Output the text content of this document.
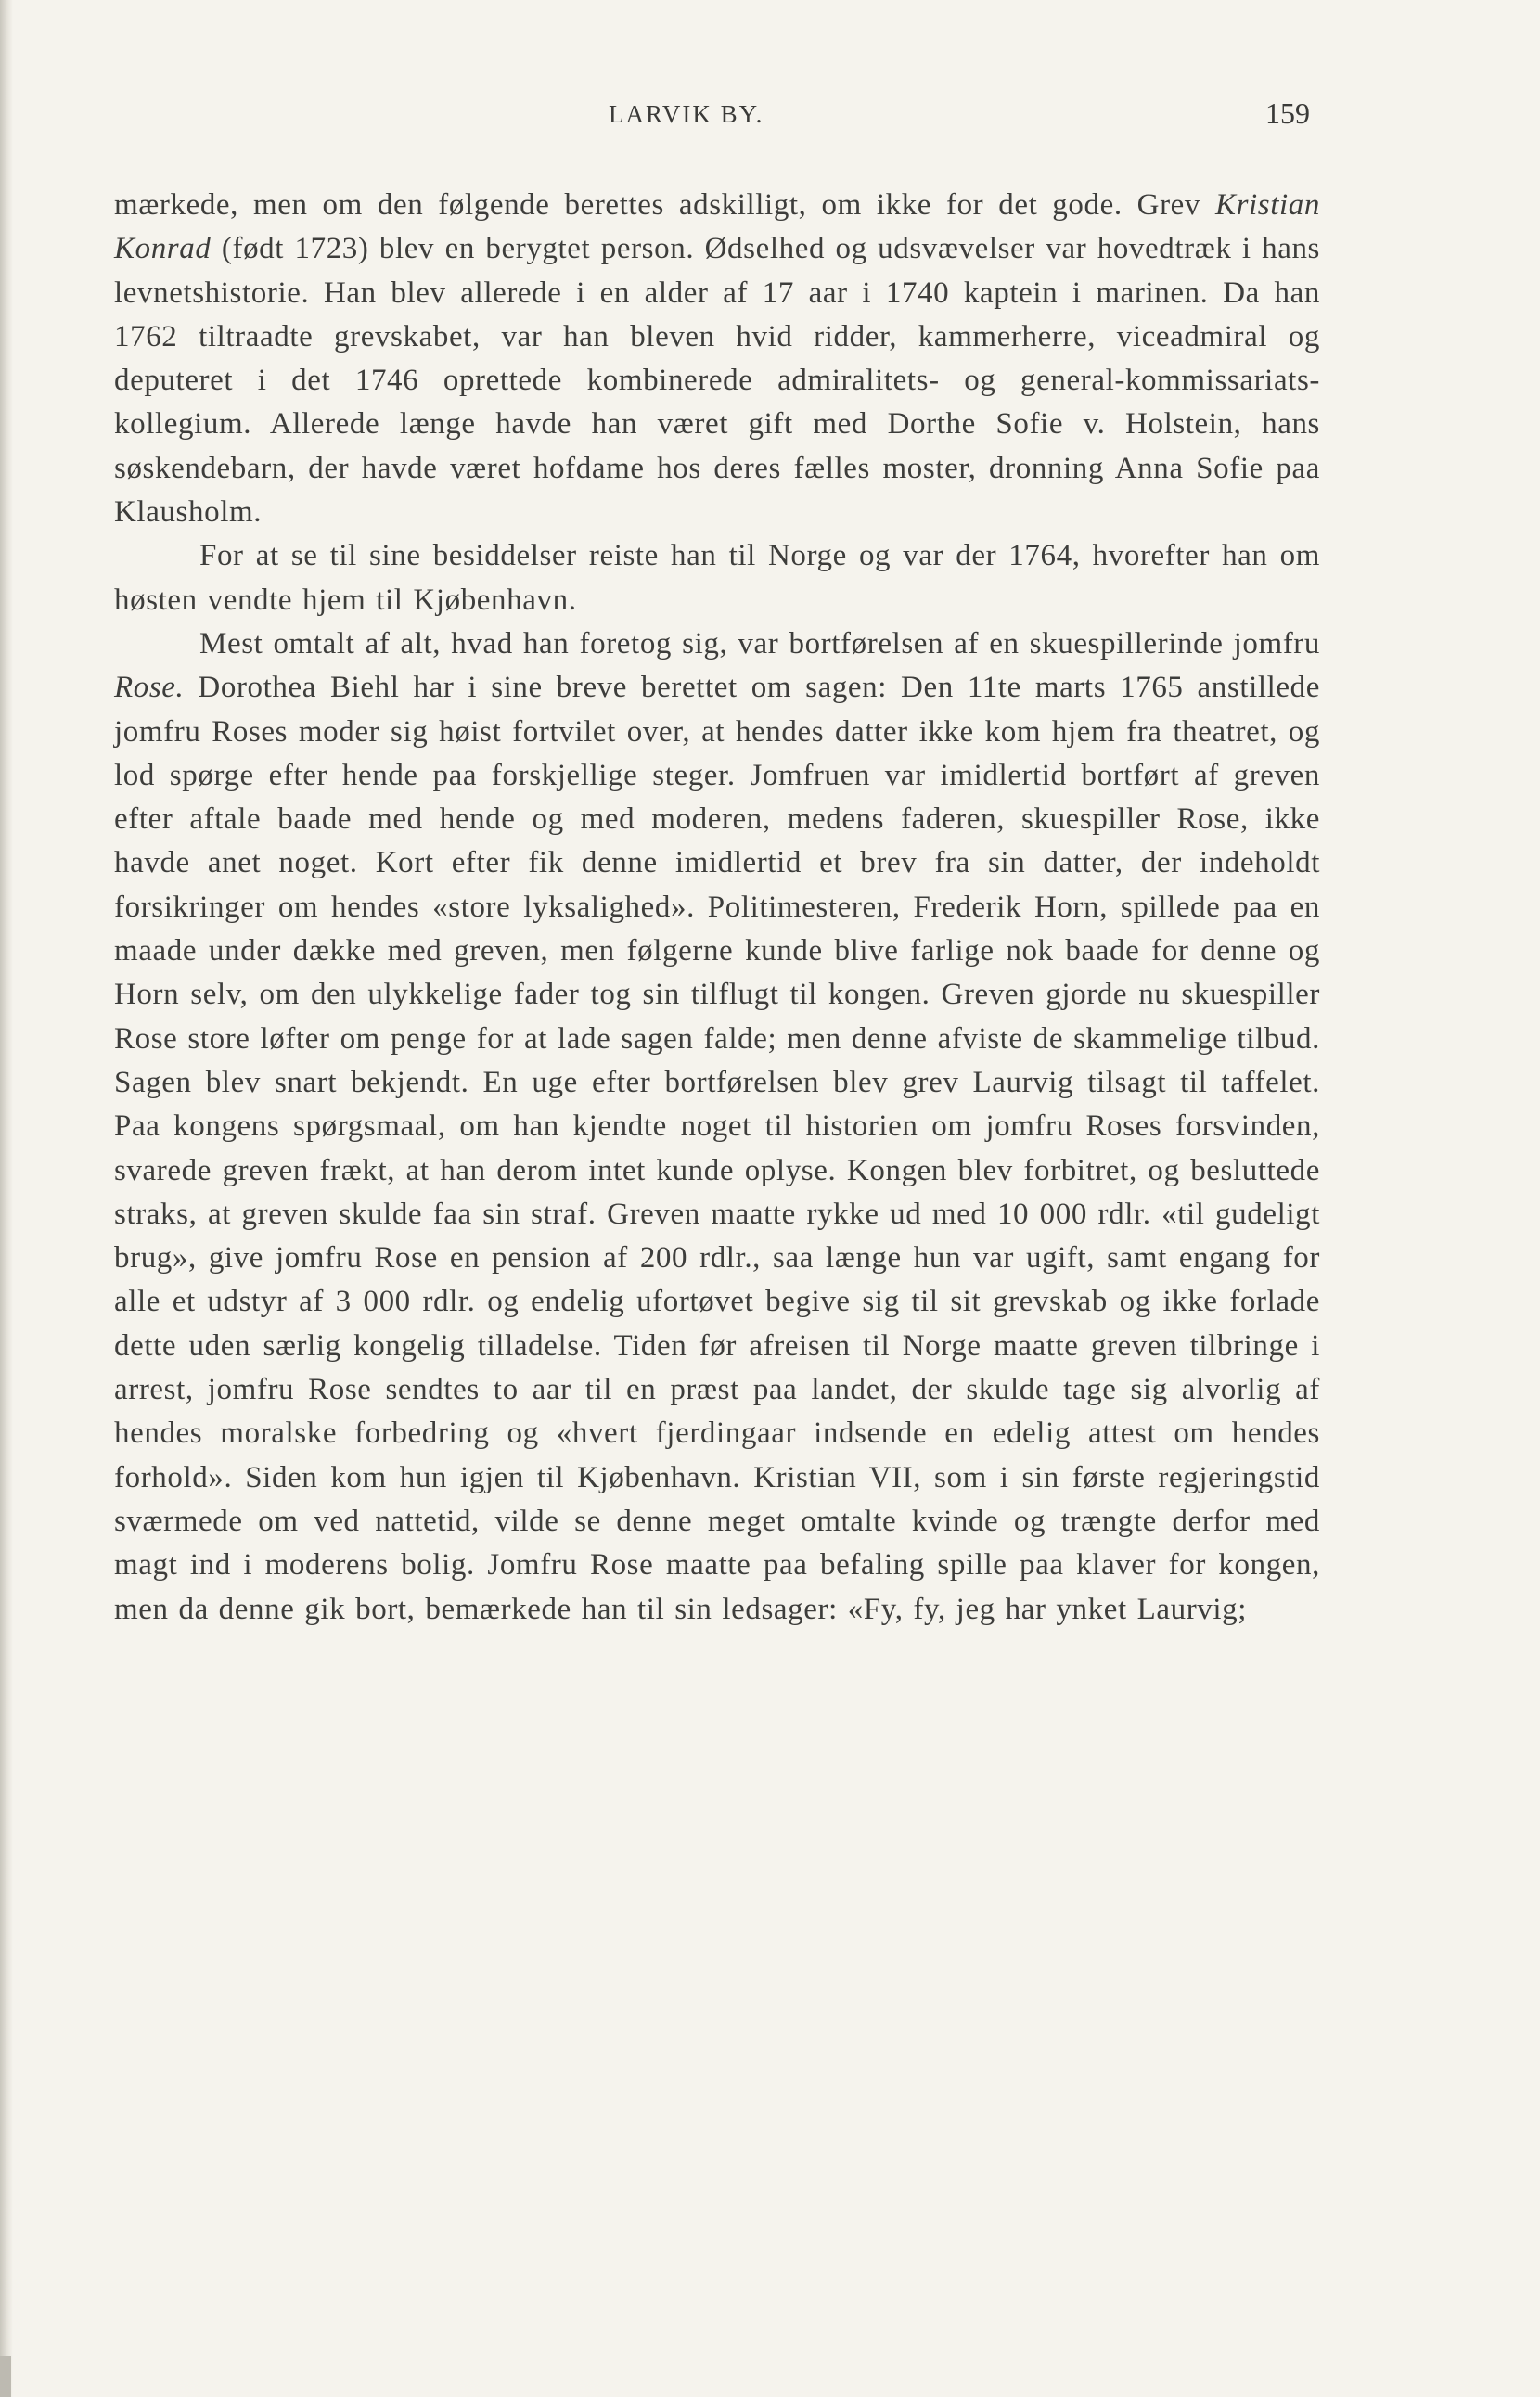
LARVIK BY.	159

mærkede, men om den følgende berettes adskilligt, om ikke for det gode. Grev Kristian Konrad (født 1723) blev en berygtet person. Ødselhed og udsvævelser var hovedtræk i hans levnetshistorie. Han blev allerede i en alder af 17 aar i 1740 kaptein i marinen. Da han 1762 tiltraadte grevskabet, var han bleven hvid ridder, kammerherre, viceadmiral og deputeret i det 1746 oprettede kombinerede admiralitets- og general-kommissariats-kollegium. Allerede længe havde han været gift med Dorthe Sofie v. Holstein, hans søskendebarn, der havde været hofdame hos deres fælles moster, dronning Anna Sofie paa Klausholm.

For at se til sine besiddelser reiste han til Norge og var der 1764, hvorefter han om høsten vendte hjem til Kjøbenhavn.

Mest omtalt af alt, hvad han foretog sig, var bortførelsen af en skuespillerinde jomfru Rose. Dorothea Biehl har i sine breve berettet om sagen: Den 11te marts 1765 anstillede jomfru Roses moder sig høist fortvilet over, at hendes datter ikke kom hjem fra theatret, og lod spørge efter hende paa forskjellige steger. Jomfruen var imidlertid bortført af greven efter aftale baade med hende og med moderen, medens faderen, skuespiller Rose, ikke havde anet noget. Kort efter fik denne imidlertid et brev fra sin datter, der indeholdt forsikringer om hendes «store lyksalighed». Politimesteren, Frederik Horn, spillede paa en maade under dække med greven, men følgerne kunde blive farlige nok baade for denne og Horn selv, om den ulykkelige fader tog sin tilflugt til kongen. Greven gjorde nu skuespiller Rose store løfter om penge for at lade sagen falde; men denne afviste de skammelige tilbud. Sagen blev snart bekjendt. En uge efter bortførelsen blev grev Laurvig tilsagt til taffelet. Paa kongens spørgsmaal, om han kjendte noget til historien om jomfru Roses forsvinden, svarede greven frækt, at han derom intet kunde oplyse. Kongen blev forbitret, og besluttede straks, at greven skulde faa sin straf. Greven maatte rykke ud med 10 000 rdlr. «til gudeligt brug», give jomfru Rose en pension af 200 rdlr., saa længe hun var ugift, samt engang for alle et udstyr af 3 000 rdlr. og endelig ufortøvet begive sig til sit grevskab og ikke forlade dette uden særlig kongelig tilladelse. Tiden før afreisen til Norge maatte greven tilbringe i arrest, jomfru Rose sendtes to aar til en præst paa landet, der skulde tage sig alvorlig af hendes moralske forbedring og «hvert fjerdingaar indsende en edelig attest om hendes forhold». Siden kom hun igjen til Kjøbenhavn. Kristian VII, som i sin første regjeringstid sværmede om ved nattetid, vilde se denne meget omtalte kvinde og trængte derfor med magt ind i moderens bolig. Jomfru Rose maatte paa befaling spille paa klaver for kongen, men da denne gik bort, bemærkede han til sin ledsager: «Fy, fy, jeg har ynket Laurvig;
